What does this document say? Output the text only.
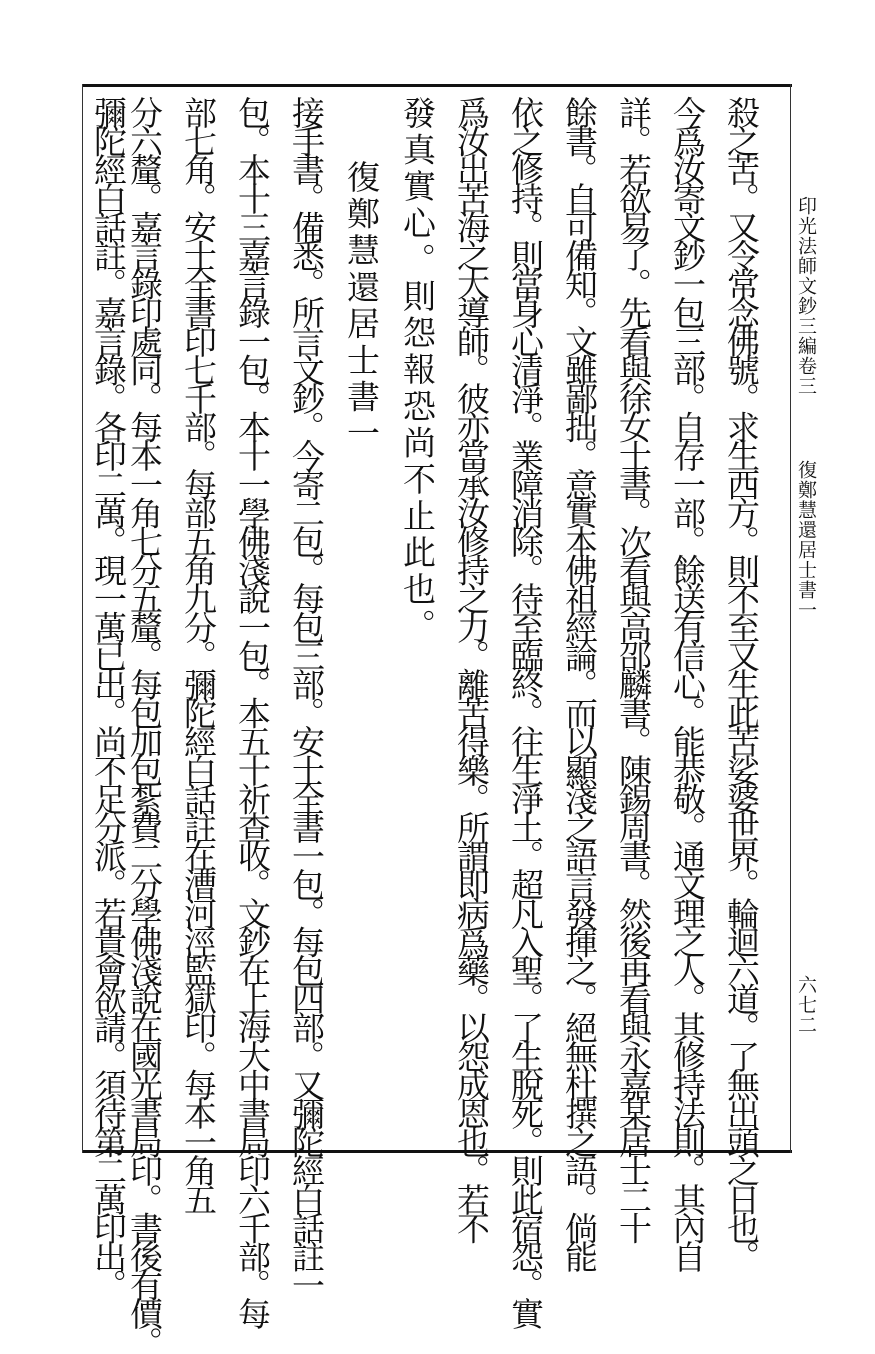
印光法師文鈔三編卷三
復鄭慧還居士書一
六七二
殺之苦。又令常念佛號。求生西方。則不至又生此苦娑婆世界。輪迴六道。了無出頭之日也。
今爲汝寄文鈔一包三部。自存一部。餘送有信心。能恭敬。通文理之人。其修持法則。其內自
詳。若欲易了。先看與徐女士書。次看與高邵麟書。陳錫周書。然後再看與永嘉某居士二十
餘書。自可備知。文雖鄙拙。意實本佛祖經論。而以顯淺之語言發揮之。絕無杜撰之語。倘能
依之修持。則當身心清淨。業障消除。待至臨終。往生淨土。超凡入聖。了生脫死。則此宿怨。實
爲汝出苦海之大導師。彼亦當承汝修持之力。離苦得樂。所謂即病爲藥。以怨成恩也。若不
發真實心。則怨報恐尚不止此也。
復鄭慧還居士書一
接手書。備悉。所言文鈔。今寄二包。每包三部。安士全書一包。每包四部。又彌陀經白話註一
包。本十三嘉言錄一包。本十一學佛淺說一包。本五十祈查收。文鈔在上海大中書局印六千部。每
部七角。安士全書印七千部。每部五角九分。彌陀經白話註在漕河涇監獄印。每本一角五
分六釐。嘉言錄印處同。每本一角七分五釐。每包加包紮費二分學佛淺說在國光書局印。書後有價。
彌陀經白話註。嘉言錄。各印二萬。現一萬已出。尚不足分派。若貴會欲請。須待第二萬印出。
